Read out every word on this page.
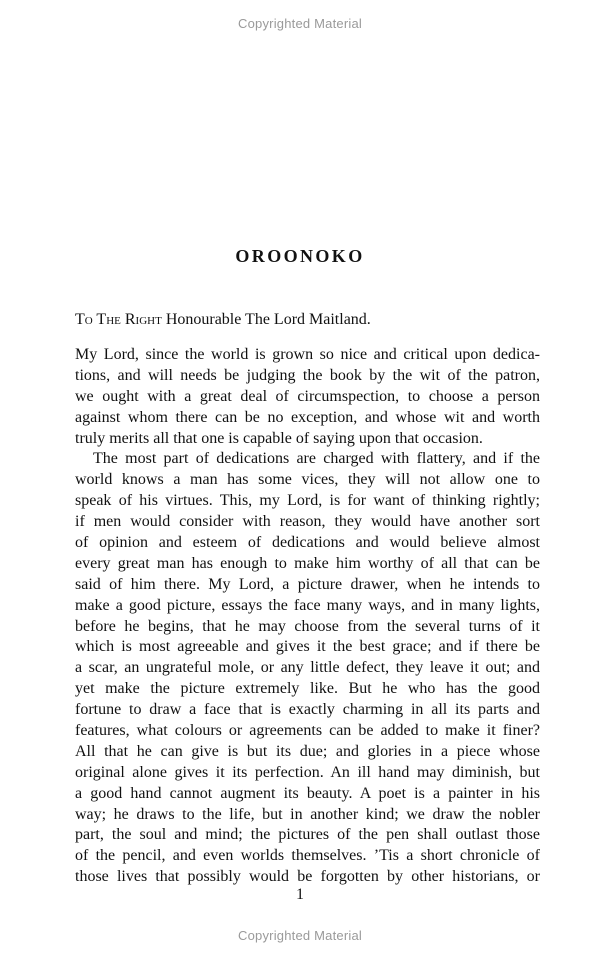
Copyrighted Material
OROONOKO
To The Right Honourable The Lord Maitland.
My Lord, since the world is grown so nice and critical upon dedica-
tions, and will needs be judging the book by the wit of the patron,
we ought with a great deal of circumspection, to choose a person
against whom there can be no exception, and whose wit and worth
truly merits all that one is capable of saying upon that occasion.
The most part of dedications are charged with flattery, and if the
world knows a man has some vices, they will not allow one to
speak of his virtues. This, my Lord, is for want of thinking rightly;
if men would consider with reason, they would have another sort
of opinion and esteem of dedications and would believe almost
every great man has enough to make him worthy of all that can be
said of him there. My Lord, a picture drawer, when he intends to
make a good picture, essays the face many ways, and in many lights,
before he begins, that he may choose from the several turns of it
which is most agreeable and gives it the best grace; and if there be
a scar, an ungrateful mole, or any little defect, they leave it out; and
yet make the picture extremely like. But he who has the good
fortune to draw a face that is exactly charming in all its parts and
features, what colours or agreements can be added to make it finer?
All that he can give is but its due; and glories in a piece whose
original alone gives it its perfection. An ill hand may diminish, but
a good hand cannot augment its beauty. A poet is a painter in his
way; he draws to the life, but in another kind; we draw the nobler
part, the soul and mind; the pictures of the pen shall outlast those
of the pencil, and even worlds themselves. ’Tis a short chronicle of
those lives that possibly would be forgotten by other historians, or
1
Copyrighted Material
